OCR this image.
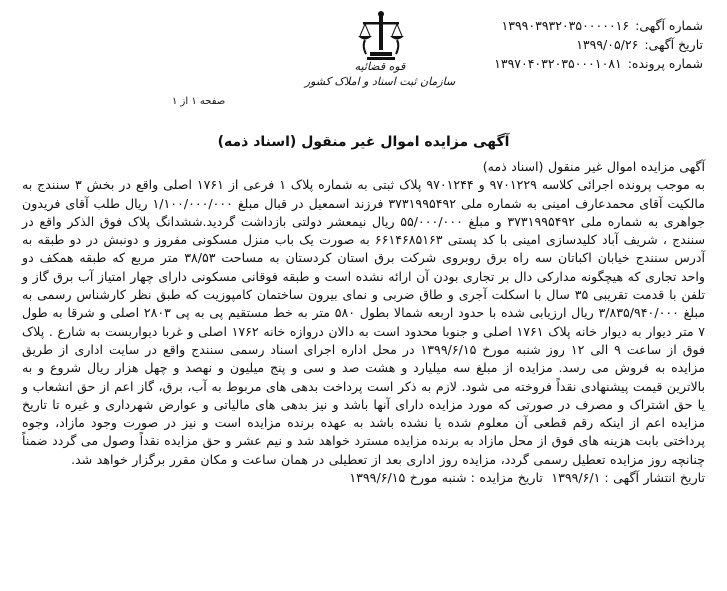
شماره آگهی:۱۳۹۹۰۳۹۳۲۰۳۵۰۰۰۰۰۱۶
تاریخ آگهی:۱۳۹۹/۰۵/۲۶
شماره پرونده:۱۳۹۷۰۴۰۳۲۰۳۵۰۰۰۱۰۸۱
قوه قضائیه
سازمان ثبت اسناد و املاک کشور
صفحه ۱ از ۱
آگهی مزایده اموال غیر منقول (اسناد ذمه)

آگهی مزایده اموال غیر منقول (اسناد ذمه)

به موجب پرونده اجرائی کلاسه ۹۷۰۱۲۲۹ و ۹۷۰۱۲۴۴ پلاک ثبتی به شماره پلاک ۱ فرعی از ۱۷۶۱ اصلی واقع در بخش ۳ سنندج به مالکیت آقای محمدعارف امینی به شماره ملی ۳۷۳۱۹۹۵۴۹۲ فرزند اسمعیل در قبال مبلغ ۱/۱۰۰/۰۰۰/۰۰۰ ریال طلب آقای فریدون جواهری به شماره ملی ۳۷۳۱۹۹۵۴۹۲ و مبلغ ۵۵/۰۰۰/۰۰۰ ریال نیمعشر دولتی بازداشت گردید.ششدانگ پلاک فوق الذکر واقع در سنندج ، شریف آباد کلیدسازی امینی با کد پستی ۶۶۱۴۶۸۵۱۶۳ به صورت یک باب منزل مسکونی مفروز و دونبش در دو طبقه به آدرس سنندج خیابان اکباتان سه راه برق روبروی شرکت برق استان کردستان به مساحت ۳۸/۵۳ متر مربع که طبقه همکف دو واحد تجاری که هیچگونه مدارکی دال بر تجاری بودن آن ارائه نشده است و طبقه فوقانی مسکونی دارای چهار امتیاز آب برق گاز و تلفن با قدمت تقریبی ۳۵ سال با اسکلت آجری و طاق ضربی و نمای بیرون ساختمان کامپوزیت که طبق نظر کارشناس رسمی به مبلغ ۳/۸۳۵/۹۴۰/۰۰۰ ریال ارزیابی شده با حدود اربعه شمالا بطول ۵۸۰ متر به خط مستقیم پی به پی ۲۸۰۳ اصلی و شرقا به طول ۷ متر دیوار به دیوار خانه پلاک ۱۷۶۱ اصلی و جنوبا محدود است به دالان دروازه خانه ۱۷۶۲ اصلی و غربا دیواربست به شارع . پلاک فوق از ساعت ۹ الی ۱۲ روز شنبه مورخ ۱۳۹۹/۶/۱۵ در محل اداره اجرای اسناد رسمی سنندج واقع در سایت اداری از طریق مزایده به فروش می رسد. مزایده از مبلغ سه میلیارد و هشت صد و سی و پنج میلیون و نهصد و چهل هزار ریال شروع و به بالاترین قیمت پیشنهادی نقداً فروخته می شود. لازم به ذکر است پرداخت بدهی های مربوط به آب، برق، گاز اعم از حق انشعاب و یا حق اشتراک و مصرف در صورتی که مورد مزایده دارای آنها باشد و نیز بدهی های مالیاتی و عوارض شهرداری و غیره تا تاریخ مزایده اعم از اینکه رقم قطعی آن معلوم شده یا نشده باشد به عهده برنده مزایده است و نیز در صورت وجود مازاد، وجوه پرداختی بابت هزینه های فوق از محل مازاد به برنده مزایده مسترد خواهد شد و نیم عشر و حق مزایده نقداً وصول می گردد ضمناً چنانچه روز مزایده تعطیل رسمی گردد، مزایده روز اداری بعد از تعطیلی در همان ساعت و مکان مقرر برگزار خواهد شد.

تاریخ انتشار آگهی :۱۳۹۹/۶/۱ تاریخ مزایده :شنبه مورخ ۱۳۹۹/۶/۱۵
